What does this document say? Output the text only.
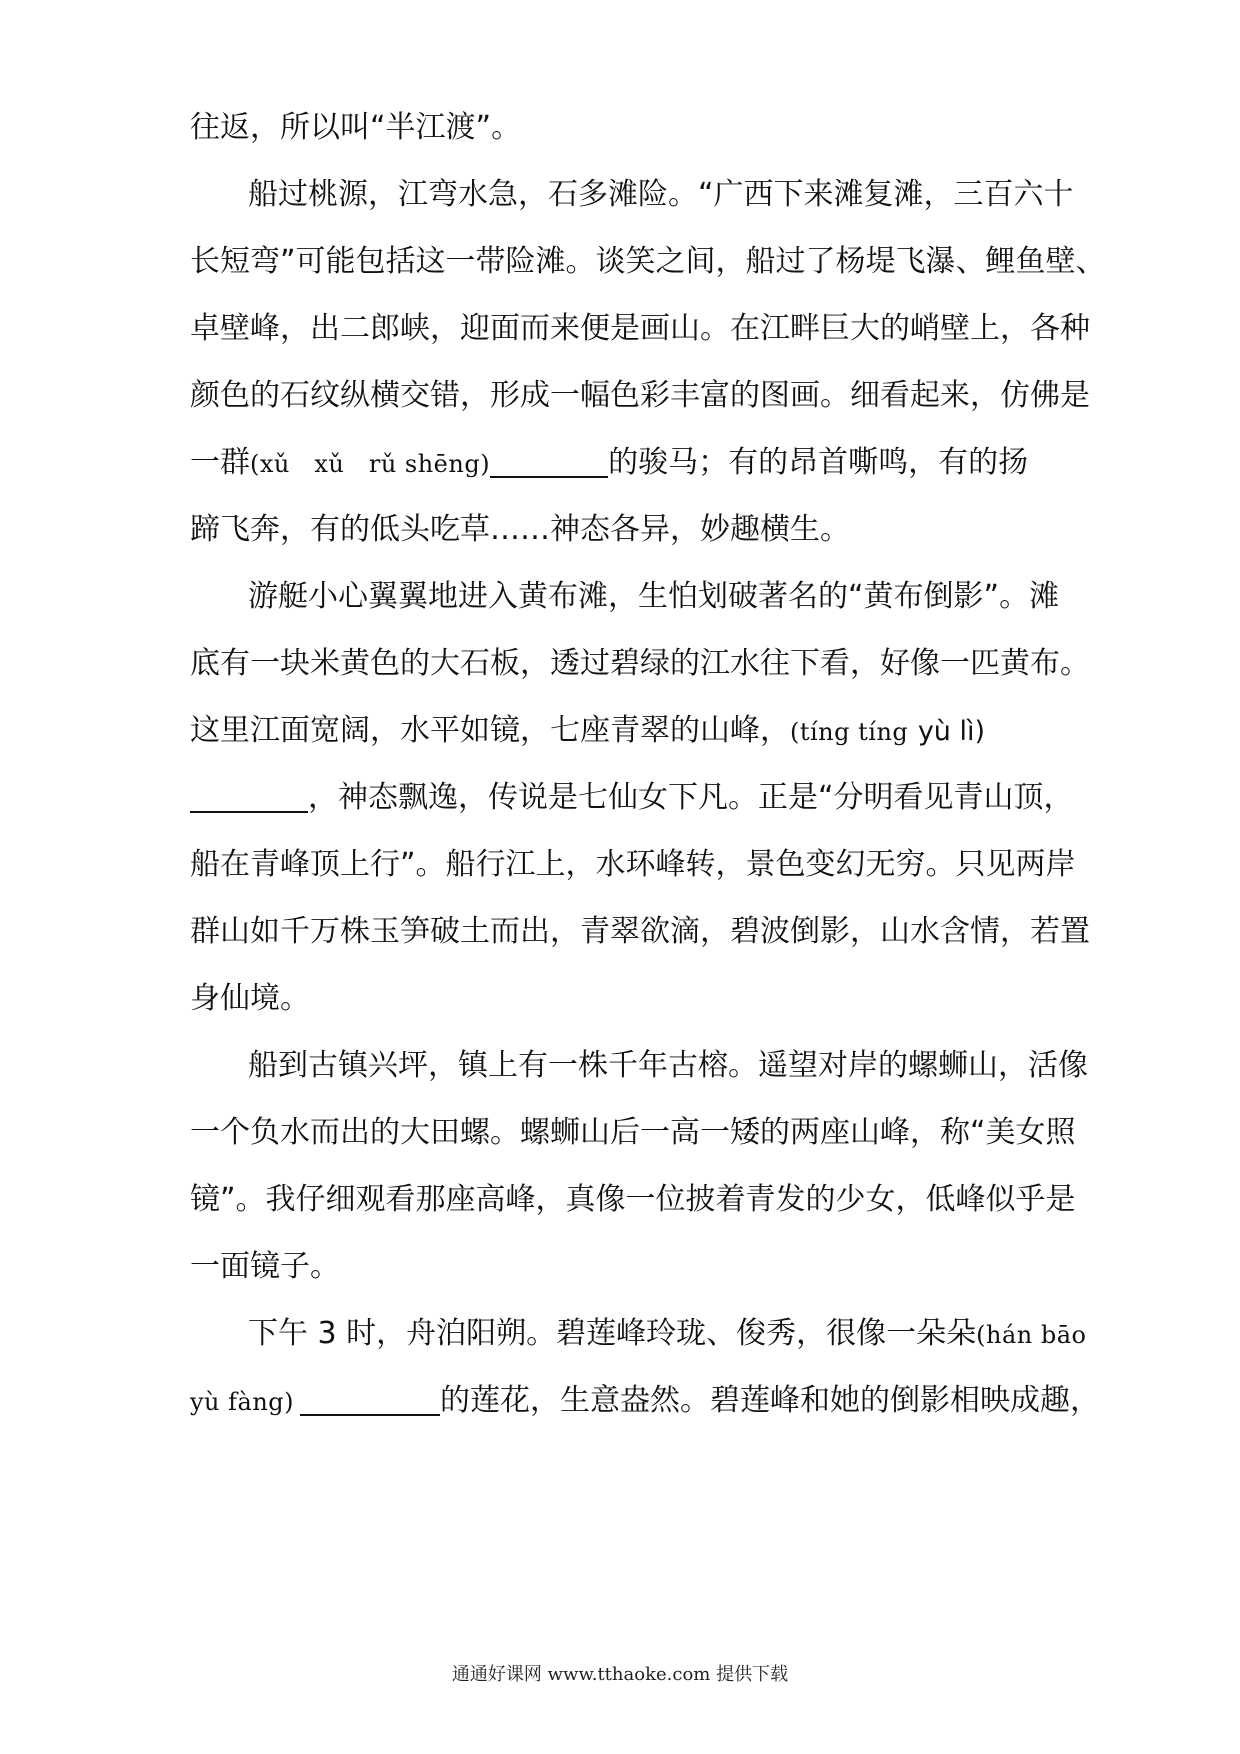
往返，所以叫“半江渡”。
船过桃源，江弯水急，石多滩险。“广西下来滩复滩，三百六十
长短弯”可能包括这一带险滩。谈笑之间，船过了杨堤飞瀑、鲤鱼壁、
卓壁峰，出二郎峡，迎面而来便是画山。在江畔巨大的峭壁上，各种
颜色的石纹纵横交错，形成一幅色彩丰富的图画。细看起来，仿佛是
一群(xǔ　xǔ　rǔ shēng)	的骏马；有的昂首嘶鸣，有的扬
蹄飞奔，有的低头吃草……神态各异，妙趣横生。
游艇小心翼翼地进入黄布滩，生怕划破著名的“黄布倒影”。滩
底有一块米黄色的大石板，透过碧绿的江水往下看，好像一匹黄布。
这里江面宽阔，水平如镜，七座青翠的山峰，(tíng tíng yù lì)
，神态飘逸，传说是七仙女下凡。正是“分明看见青山顶，
船在青峰顶上行”。船行江上，水环峰转，景色变幻无穷。只见两岸
群山如千万株玉笋破土而出，青翠欲滴，碧波倒影，山水含情，若置
身仙境。
船到古镇兴坪，镇上有一株千年古榕。遥望对岸的螺蛳山，活像
一个负水而出的大田螺。螺蛳山后一高一矮的两座山峰，称“美女照
镜”。我仔细观看那座高峰，真像一位披着青发的少女，低峰似乎是
一面镜子。
下午 3 时，舟泊阳朔。碧莲峰玲珑、俊秀，很像一朵朵(hán bāo
yù fàng)	的莲花，生意盎然。碧莲峰和她的倒影相映成趣，
通通好课网 www.tthaoke.com 提供下载
